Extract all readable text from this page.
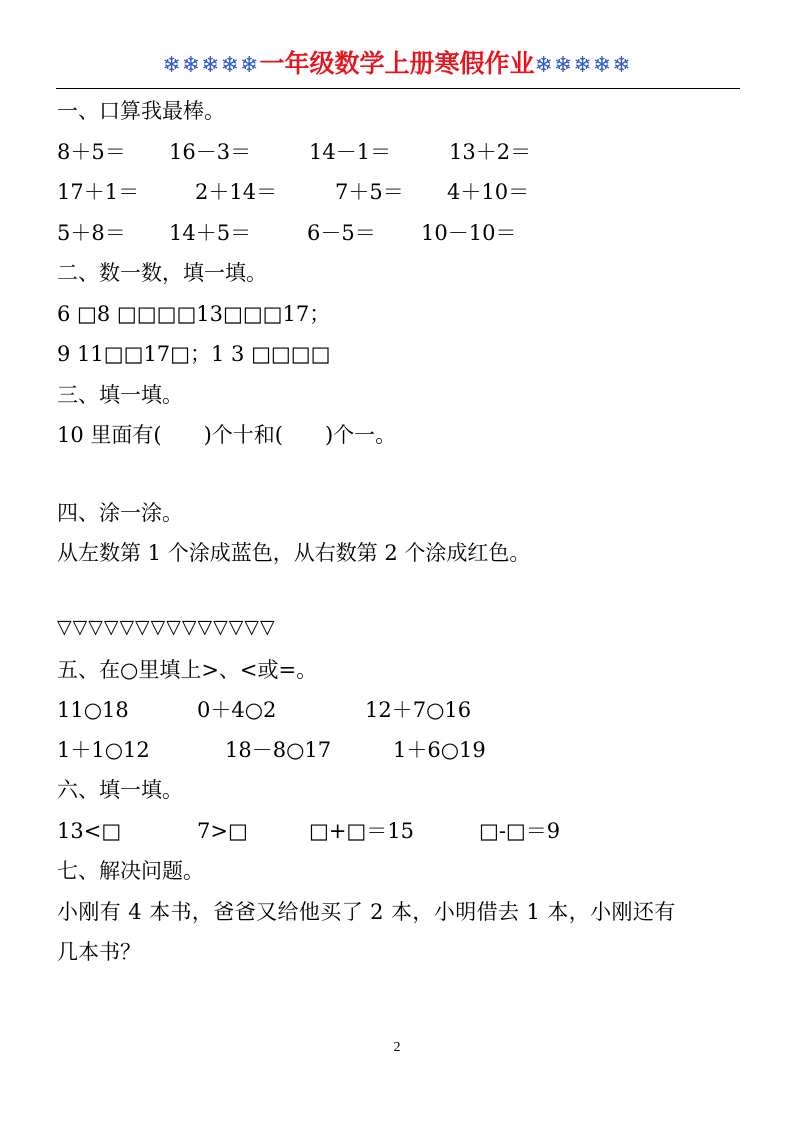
❄❄❄❄❄一年级数学上册寒假作业❄❄❄❄❄
一、口算我最棒。
8＋5＝ 16－3＝	14－1＝	13＋2＝
17＋1＝	2＋14＝	7＋5＝ 4＋10＝
5＋8＝ 14＋5＝	6－5＝ 10－10＝
二、数一数，填一填。
6 □8 □□□□13□□□17；
9 11□□17□；1 3 □□□□
三、填一填。
10 里面有(　　)个十和(　　)个一。
四、涂一涂。
从左数第 1 个涂成蓝色，从右数第 2 个涂成红色。
▽▽▽▽▽▽▽▽▽▽▽▽▽▽
五、在○里填上>、<或=。
11○18	0＋4○2	12＋7○16
1＋1○12	18－8○17	1＋6○19
六、填一填。
13<□	7>□	□+□＝15	□-□＝9
七、解决问题。
小刚有 4 本书，爸爸又给他买了 2 本，小明借去 1 本，小刚还有
几本书？
2
